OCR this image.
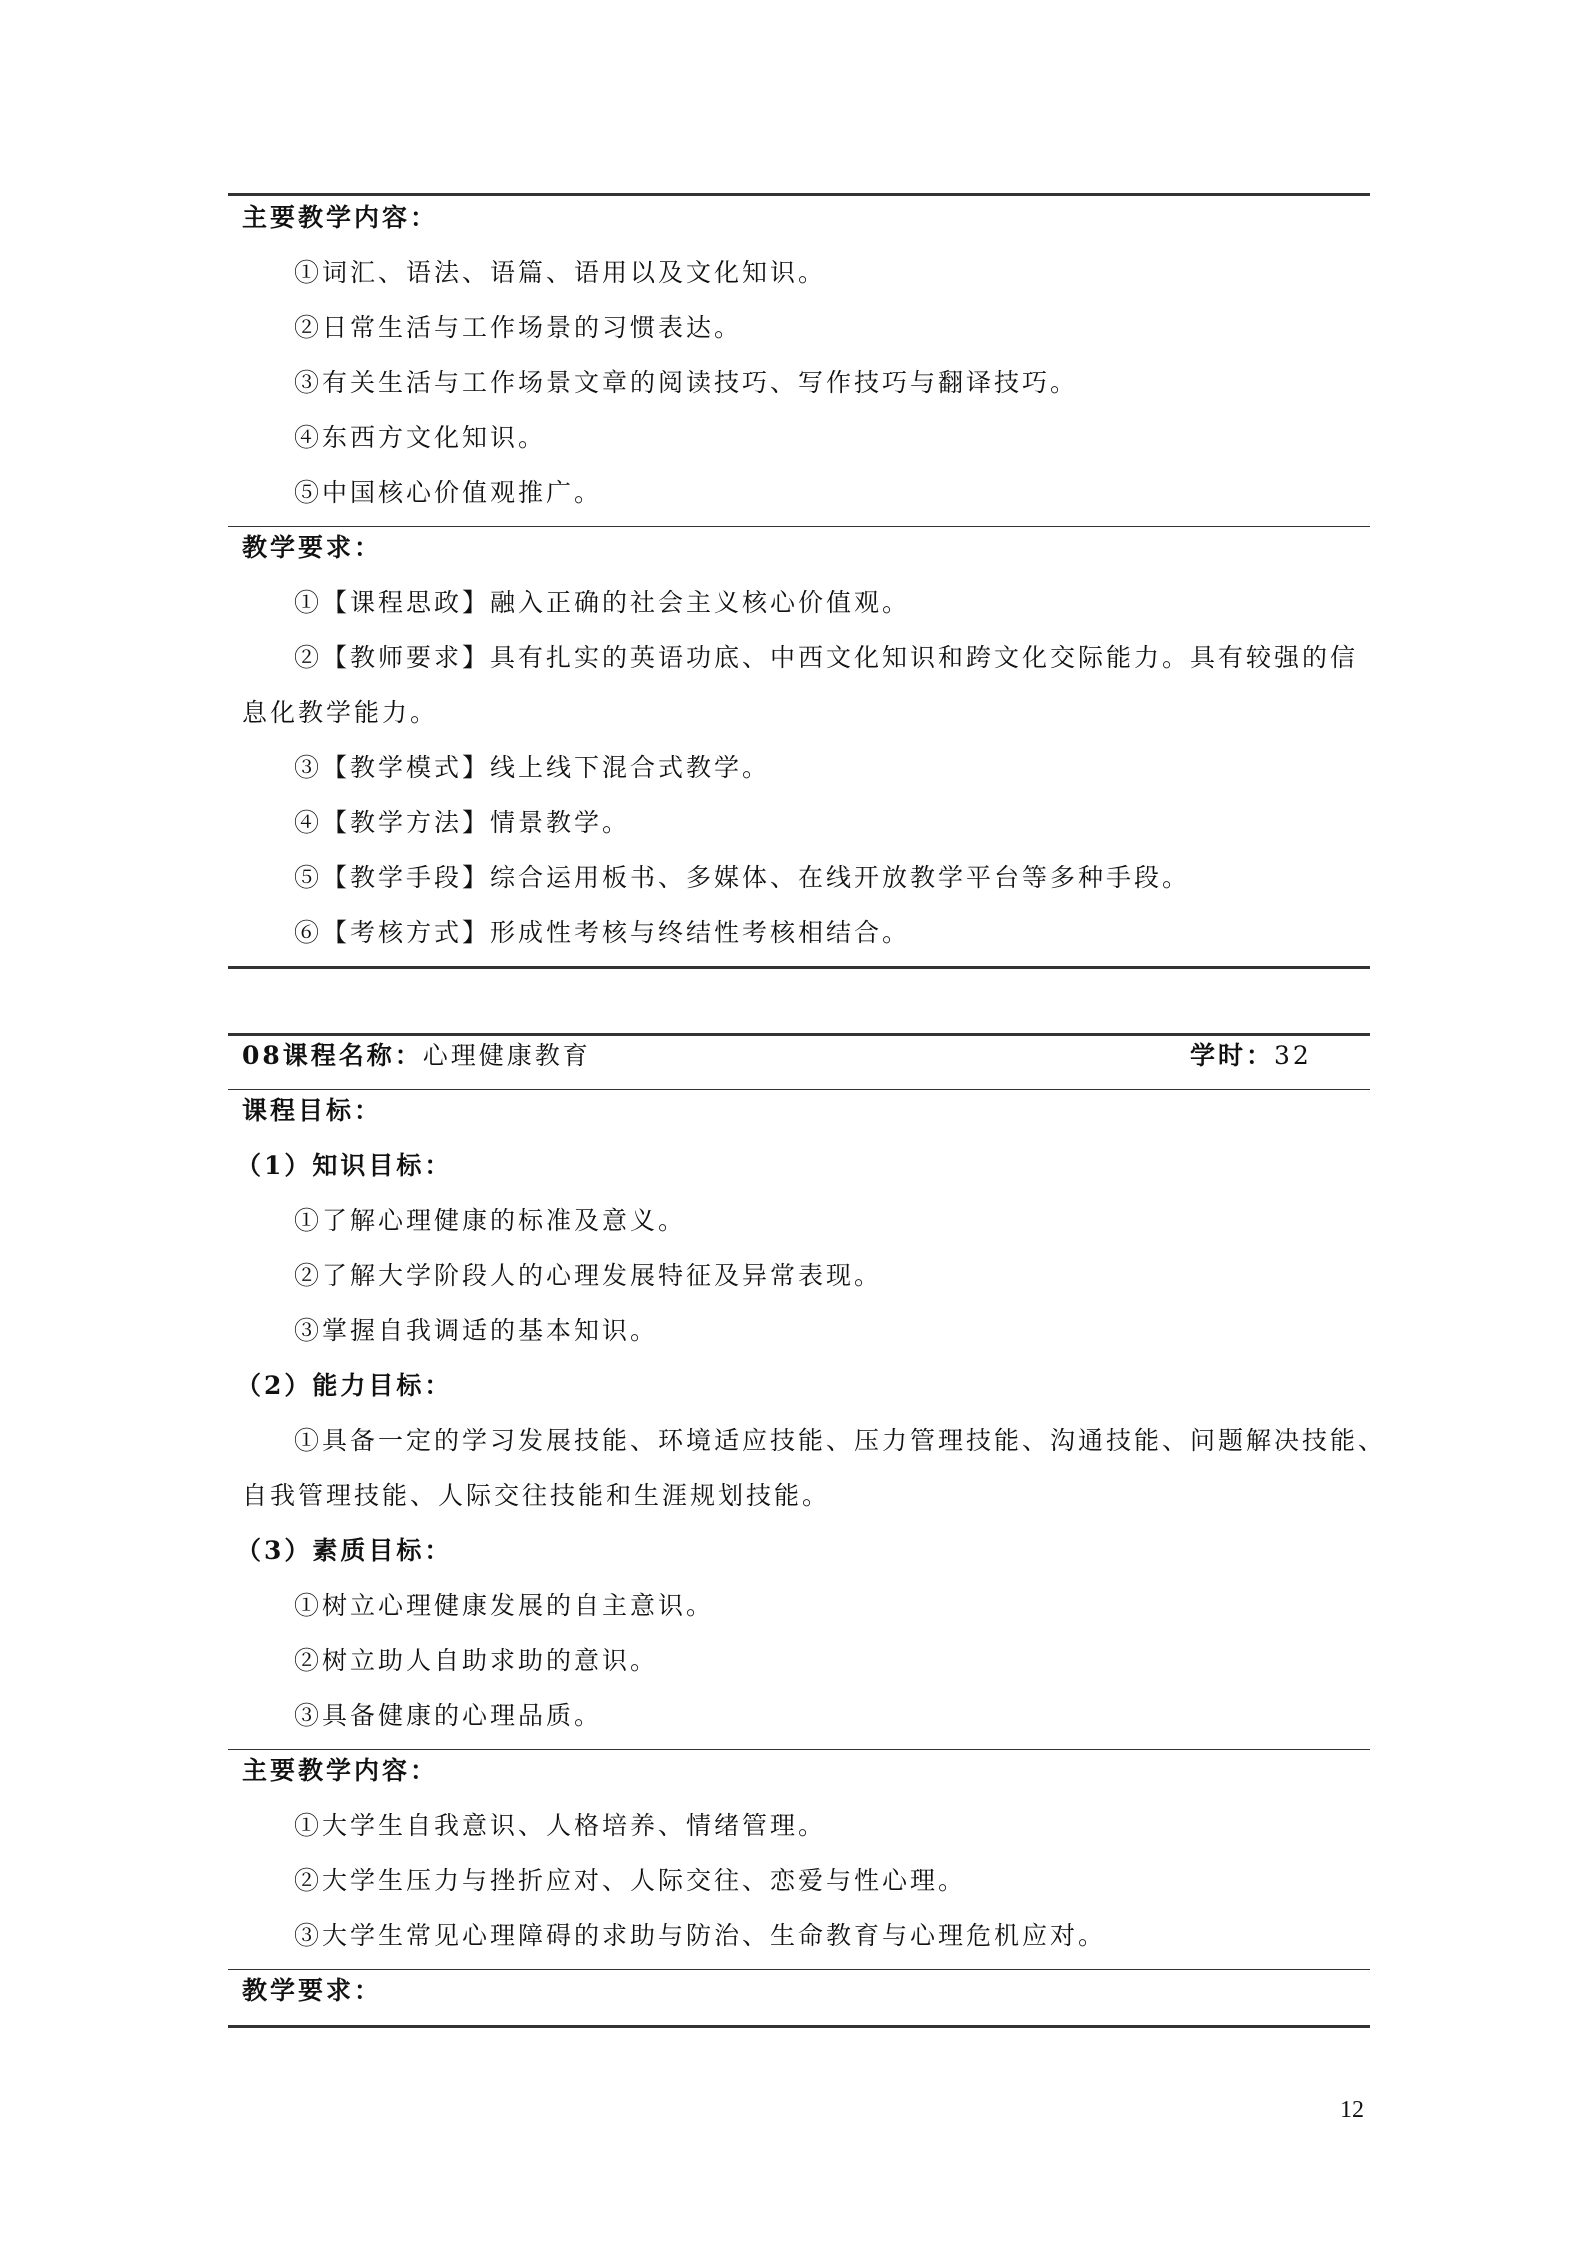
主要教学内容：
①词汇、语法、语篇、语用以及文化知识。
②日常生活与工作场景的习惯表达。
③有关生活与工作场景文章的阅读技巧、写作技巧与翻译技巧。
④东西方文化知识。
⑤中国核心价值观推广。
教学要求：
①【课程思政】融入正确的社会主义核心价值观。
②【教师要求】具有扎实的英语功底、中西文化知识和跨文化交际能力。具有较强的信
息化教学能力。
③【教学模式】线上线下混合式教学。
④【教学方法】情景教学。
⑤【教学手段】综合运用板书、多媒体、在线开放教学平台等多种手段。
⑥【考核方式】形成性考核与终结性考核相结合。
08课程名称：心理健康教育	学时：32
课程目标：
（1）知识目标：
①了解心理健康的标准及意义。
②了解大学阶段人的心理发展特征及异常表现。
③掌握自我调适的基本知识。
（2）能力目标：
①具备一定的学习发展技能、环境适应技能、压力管理技能、沟通技能、问题解决技能、
自我管理技能、人际交往技能和生涯规划技能。
（3）素质目标：
①树立心理健康发展的自主意识。
②树立助人自助求助的意识。
③具备健康的心理品质。
主要教学内容：
①大学生自我意识、人格培养、情绪管理。
②大学生压力与挫折应对、人际交往、恋爱与性心理。
③大学生常见心理障碍的求助与防治、生命教育与心理危机应对。
教学要求：
12
